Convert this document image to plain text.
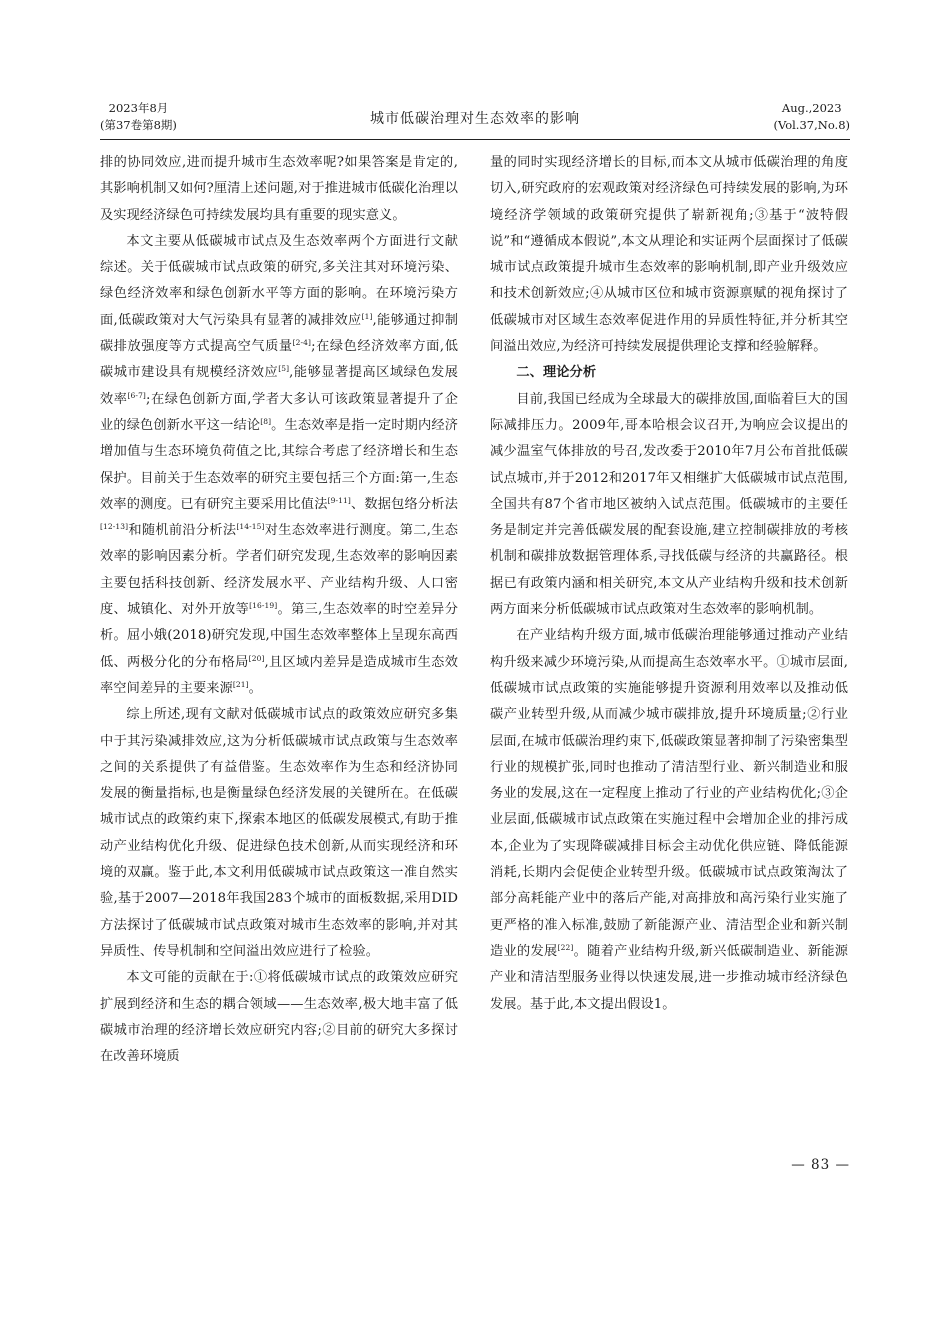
2023年8月
(第37卷第8期)	城市低碳治理对生态效率的影响
Aug.,2023
(Vol.37,No.8)

排的协同效应,进而提升城市生态效率呢?如果答案是肯定的,其影响机制又如何?厘清上述问题,对于推进城市低碳化治理以及实现经济绿色可持续发展均具有重要的现实意义。

本文主要从低碳城市试点及生态效率两个方面进行文献综述。关于低碳城市试点政策的研究,多关注其对环境污染、绿色经济效率和绿色创新水平等方面的影响。在环境污染方面,低碳政策对大气污染具有显著的减排效应[1],能够通过抑制碳排放强度等方式提高空气质量[2-4];在绿色经济效率方面,低碳城市建设具有规模经济效应[5],能够显著提高区域绿色发展效率[6-7];在绿色创新方面,学者大多认可该政策显著提升了企业的绿色创新水平这一结论[8]。生态效率是指一定时期内经济增加值与生态环境负荷值之比,其综合考虑了经济增长和生态保护。目前关于生态效率的研究主要包括三个方面:第一,生态效率的测度。已有研究主要采用比值法[9-11]、数据包络分析法[12-13]和随机前沿分析法[14-15]对生态效率进行测度。第二,生态效率的影响因素分析。学者们研究发现,生态效率的影响因素主要包括科技创新、经济发展水平、产业结构升级、人口密度、城镇化、对外开放等[16-19]。第三,生态效率的时空差异分析。屈小娥(2018)研究发现,中国生态效率整体上呈现东高西低、两极分化的分布格局[20],且区域内差异是造成城市生态效率空间差异的主要来源[21]。

综上所述,现有文献对低碳城市试点的政策效应研究多集中于其污染减排效应,这为分析低碳城市试点政策与生态效率之间的关系提供了有益借鉴。生态效率作为生态和经济协同发展的衡量指标,也是衡量绿色经济发展的关键所在。在低碳城市试点的政策约束下,探索本地区的低碳发展模式,有助于推动产业结构优化升级、促进绿色技术创新,从而实现经济和环境的双赢。鉴于此,本文利用低碳城市试点政策这一准自然实验,基于2007—2018年我国283个城市的面板数据,采用DID方法探讨了低碳城市试点政策对城市生态效率的影响,并对其异质性、传导机制和空间溢出效应进行了检验。

本文可能的贡献在于:①将低碳城市试点的政策效应研究扩展到经济和生态的耦合领域——生态效率,极大地丰富了低碳城市治理的经济增长效应研究内容;②目前的研究大多探讨在改善环境质

量的同时实现经济增长的目标,而本文从城市低碳治理的角度切入,研究政府的宏观政策对经济绿色可持续发展的影响,为环境经济学领域的政策研究提供了崭新视角;③基于“波特假说”和“遵循成本假说”,本文从理论和实证两个层面探讨了低碳城市试点政策提升城市生态效率的影响机制,即产业升级效应和技术创新效应;④从城市区位和城市资源禀赋的视角探讨了低碳城市对区域生态效率促进作用的异质性特征,并分析其空间溢出效应,为经济可持续发展提供理论支撑和经验解释。

二、理论分析

目前,我国已经成为全球最大的碳排放国,面临着巨大的国际减排压力。2009年,哥本哈根会议召开,为响应会议提出的减少温室气体排放的号召,发改委于2010年7月公布首批低碳试点城市,并于2012和2017年又相继扩大低碳城市试点范围,全国共有87个省市地区被纳入试点范围。低碳城市的主要任务是制定并完善低碳发展的配套设施,建立控制碳排放的考核机制和碳排放数据管理体系,寻找低碳与经济的共赢路径。根据已有政策内涵和相关研究,本文从产业结构升级和技术创新两方面来分析低碳城市试点政策对生态效率的影响机制。

在产业结构升级方面,城市低碳治理能够通过推动产业结构升级来减少环境污染,从而提高生态效率水平。①城市层面,低碳城市试点政策的实施能够提升资源利用效率以及推动低碳产业转型升级,从而减少城市碳排放,提升环境质量;②行业层面,在城市低碳治理约束下,低碳政策显著抑制了污染密集型行业的规模扩张,同时也推动了清洁型行业、新兴制造业和服务业的发展,这在一定程度上推动了行业的产业结构优化;③企业层面,低碳城市试点政策在实施过程中会增加企业的排污成本,企业为了实现降碳减排目标会主动优化供应链、降低能源消耗,长期内会促使企业转型升级。低碳城市试点政策淘汰了部分高耗能产业中的落后产能,对高排放和高污染行业实施了更严格的准入标准,鼓励了新能源产业、清洁型企业和新兴制造业的发展[22]。随着产业结构升级,新兴低碳制造业、新能源产业和清洁型服务业得以快速发展,进一步推动城市经济绿色发展。基于此,本文提出假设1。

— 83 —
